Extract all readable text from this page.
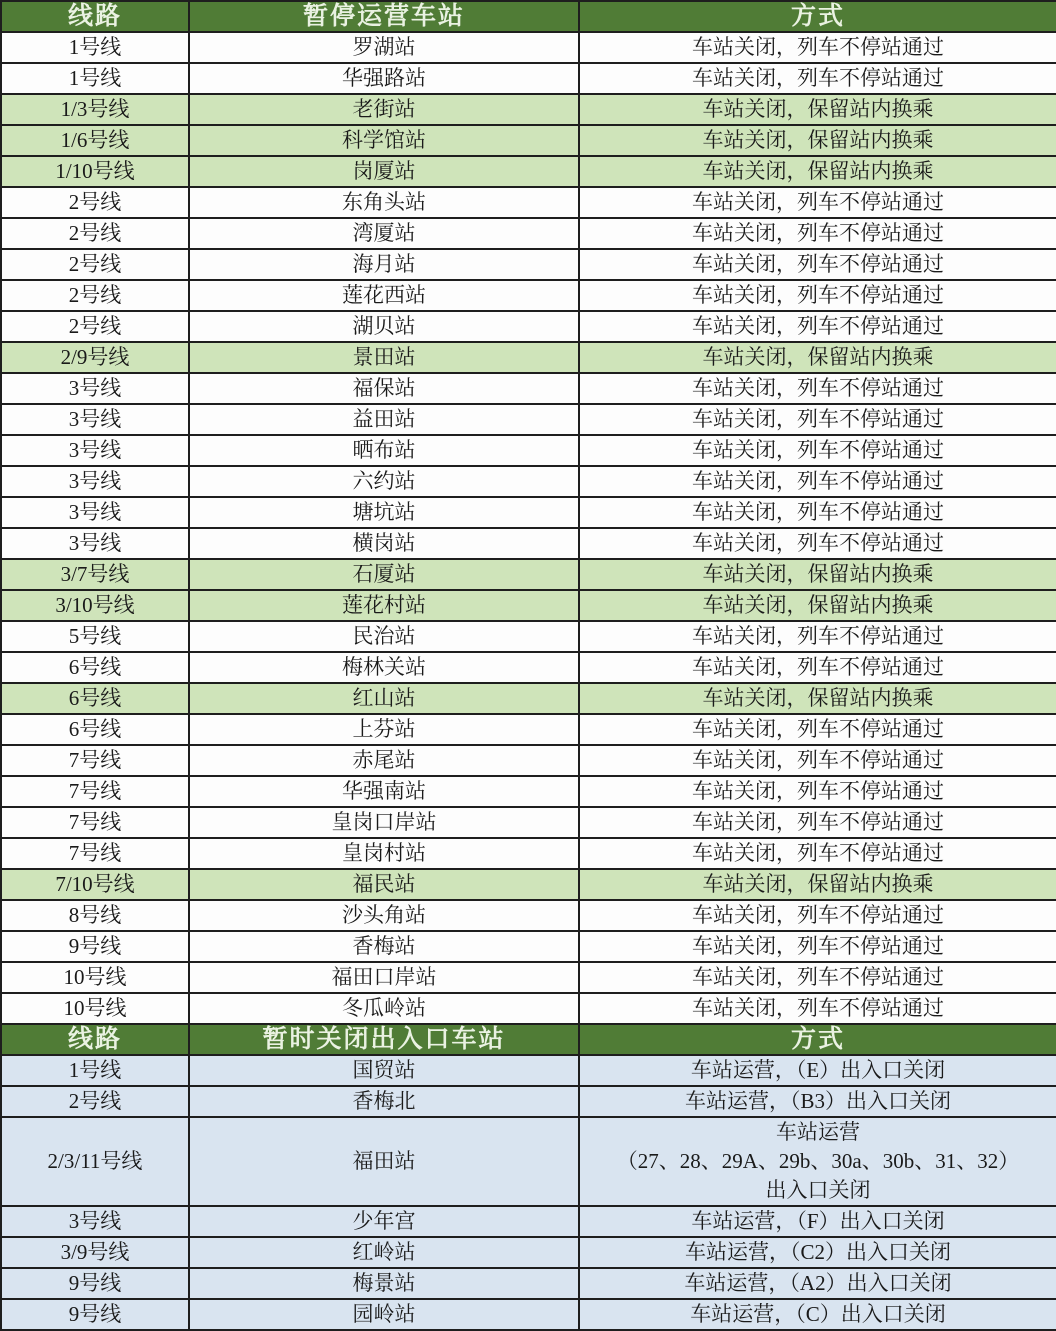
线路	暂停运营车站	方式

1号线	罗湖站	车站关闭，列车不停站通过

1号线	华强路站	车站关闭，列车不停站通过

1/3号线	老街站	车站关闭，保留站内换乘

1/6号线	科学馆站	车站关闭，保留站内换乘

1/10号线	岗厦站	车站关闭，保留站内换乘

2号线	东角头站	车站关闭，列车不停站通过

2号线	湾厦站	车站关闭，列车不停站通过

2号线	海月站	车站关闭，列车不停站通过

2号线	莲花西站	车站关闭，列车不停站通过

2号线	湖贝站	车站关闭，列车不停站通过

2/9号线	景田站	车站关闭，保留站内换乘

3号线	福保站	车站关闭，列车不停站通过

3号线	益田站	车站关闭，列车不停站通过

3号线	晒布站	车站关闭，列车不停站通过

3号线	六约站	车站关闭，列车不停站通过

3号线	塘坑站	车站关闭，列车不停站通过

3号线	横岗站	车站关闭，列车不停站通过

3/7号线	石厦站	车站关闭，保留站内换乘

3/10号线	莲花村站	车站关闭，保留站内换乘

5号线	民治站	车站关闭，列车不停站通过

6号线	梅林关站	车站关闭，列车不停站通过

6号线	红山站	车站关闭，保留站内换乘

6号线	上芬站	车站关闭，列车不停站通过

7号线	赤尾站	车站关闭，列车不停站通过

7号线	华强南站	车站关闭，列车不停站通过

7号线	皇岗口岸站	车站关闭，列车不停站通过

7号线	皇岗村站	车站关闭，列车不停站通过

7/10号线	福民站	车站关闭，保留站内换乘

8号线	沙头角站	车站关闭，列车不停站通过

9号线	香梅站	车站关闭，列车不停站通过

10号线	福田口岸站	车站关闭，列车不停站通过

10号线	冬瓜岭站	车站关闭，列车不停站通过

线路	暂时关闭出入口车站	方式

1号线	国贸站	车站运营，（E）出入口关闭

2号线	香梅北	车站运营，（B3）出入口关闭

2/3/11号线	福田站	车站运营
（27、28、29A、29b、30a、30b、31、32）
出入口关闭

3号线	少年宫	车站运营，（F）出入口关闭

3/9号线	红岭站	车站运营，（C2）出入口关闭

9号线	梅景站	车站运营，（A2）出入口关闭

9号线	园岭站	车站运营，（C）出入口关闭
